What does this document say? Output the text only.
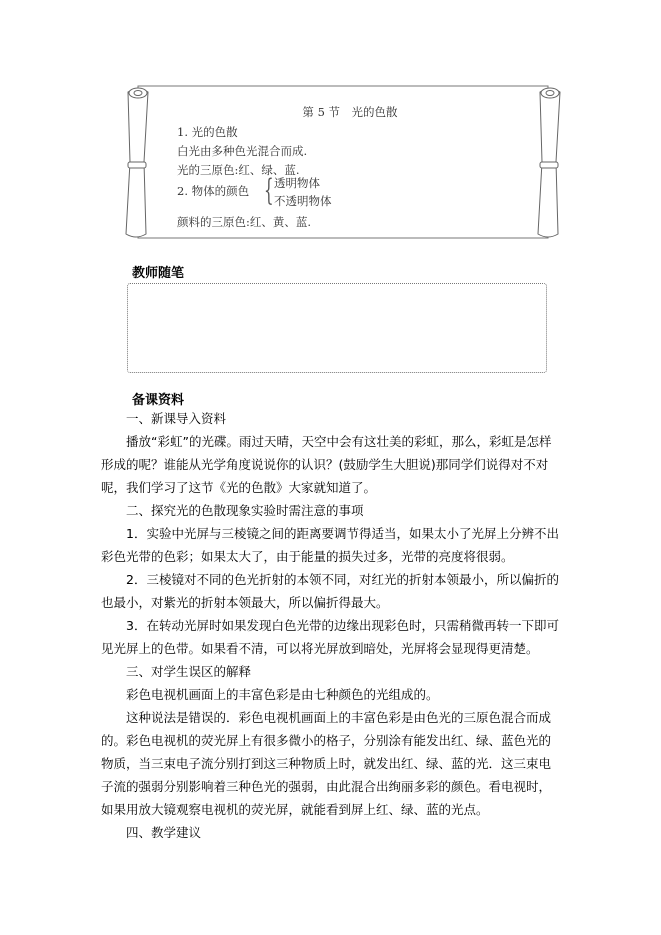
第 5 节　光的色散
1. 光的色散
白光由多种色光混合而成.
光的三原色:红、绿、蓝.
2. 物体的颜色 { 透明物体
不透明物体
颜料的三原色:红、黄、蓝.
教师随笔
备课资料

一、新课导入资料

播放“彩虹”的光碟。雨过天晴，天空中会有这壮美的彩虹，那么，彩虹是怎样形成的呢？谁能从光学角度说说你的认识？(鼓励学生大胆说)那同学们说得对不对呢，我们学习了这节《光的色散》大家就知道了。

二、探究光的色散现象实验时需注意的事项

1．实验中光屏与三棱镜之间的距离要调节得适当，如果太小了光屏上分辨不出彩色光带的色彩；如果太大了，由于能量的损失过多，光带的亮度将很弱。

2．三棱镜对不同的色光折射的本领不同，对红光的折射本领最小，所以偏折的也最小，对紫光的折射本领最大，所以偏折得最大。

3．在转动光屏时如果发现白色光带的边缘出现彩色时，只需稍微再转一下即可见光屏上的色带。如果看不清，可以将光屏放到暗处，光屏将会显现得更清楚。

三、对学生误区的解释

彩色电视机画面上的丰富色彩是由七种颜色的光组成的。

这种说法是错误的．彩色电视机画面上的丰富色彩是由色光的三原色混合而成的。彩色电视机的荧光屏上有很多微小的格子，分别涂有能发出红、绿、蓝色光的物质，当三束电子流分别打到这三种物质上时，就发出红、绿、蓝的光．这三束电子流的强弱分别影响着三种色光的强弱，由此混合出绚丽多彩的颜色。看电视时，如果用放大镜观察电视机的荧光屏，就能看到屏上红、绿、蓝的光点。

四、教学建议
